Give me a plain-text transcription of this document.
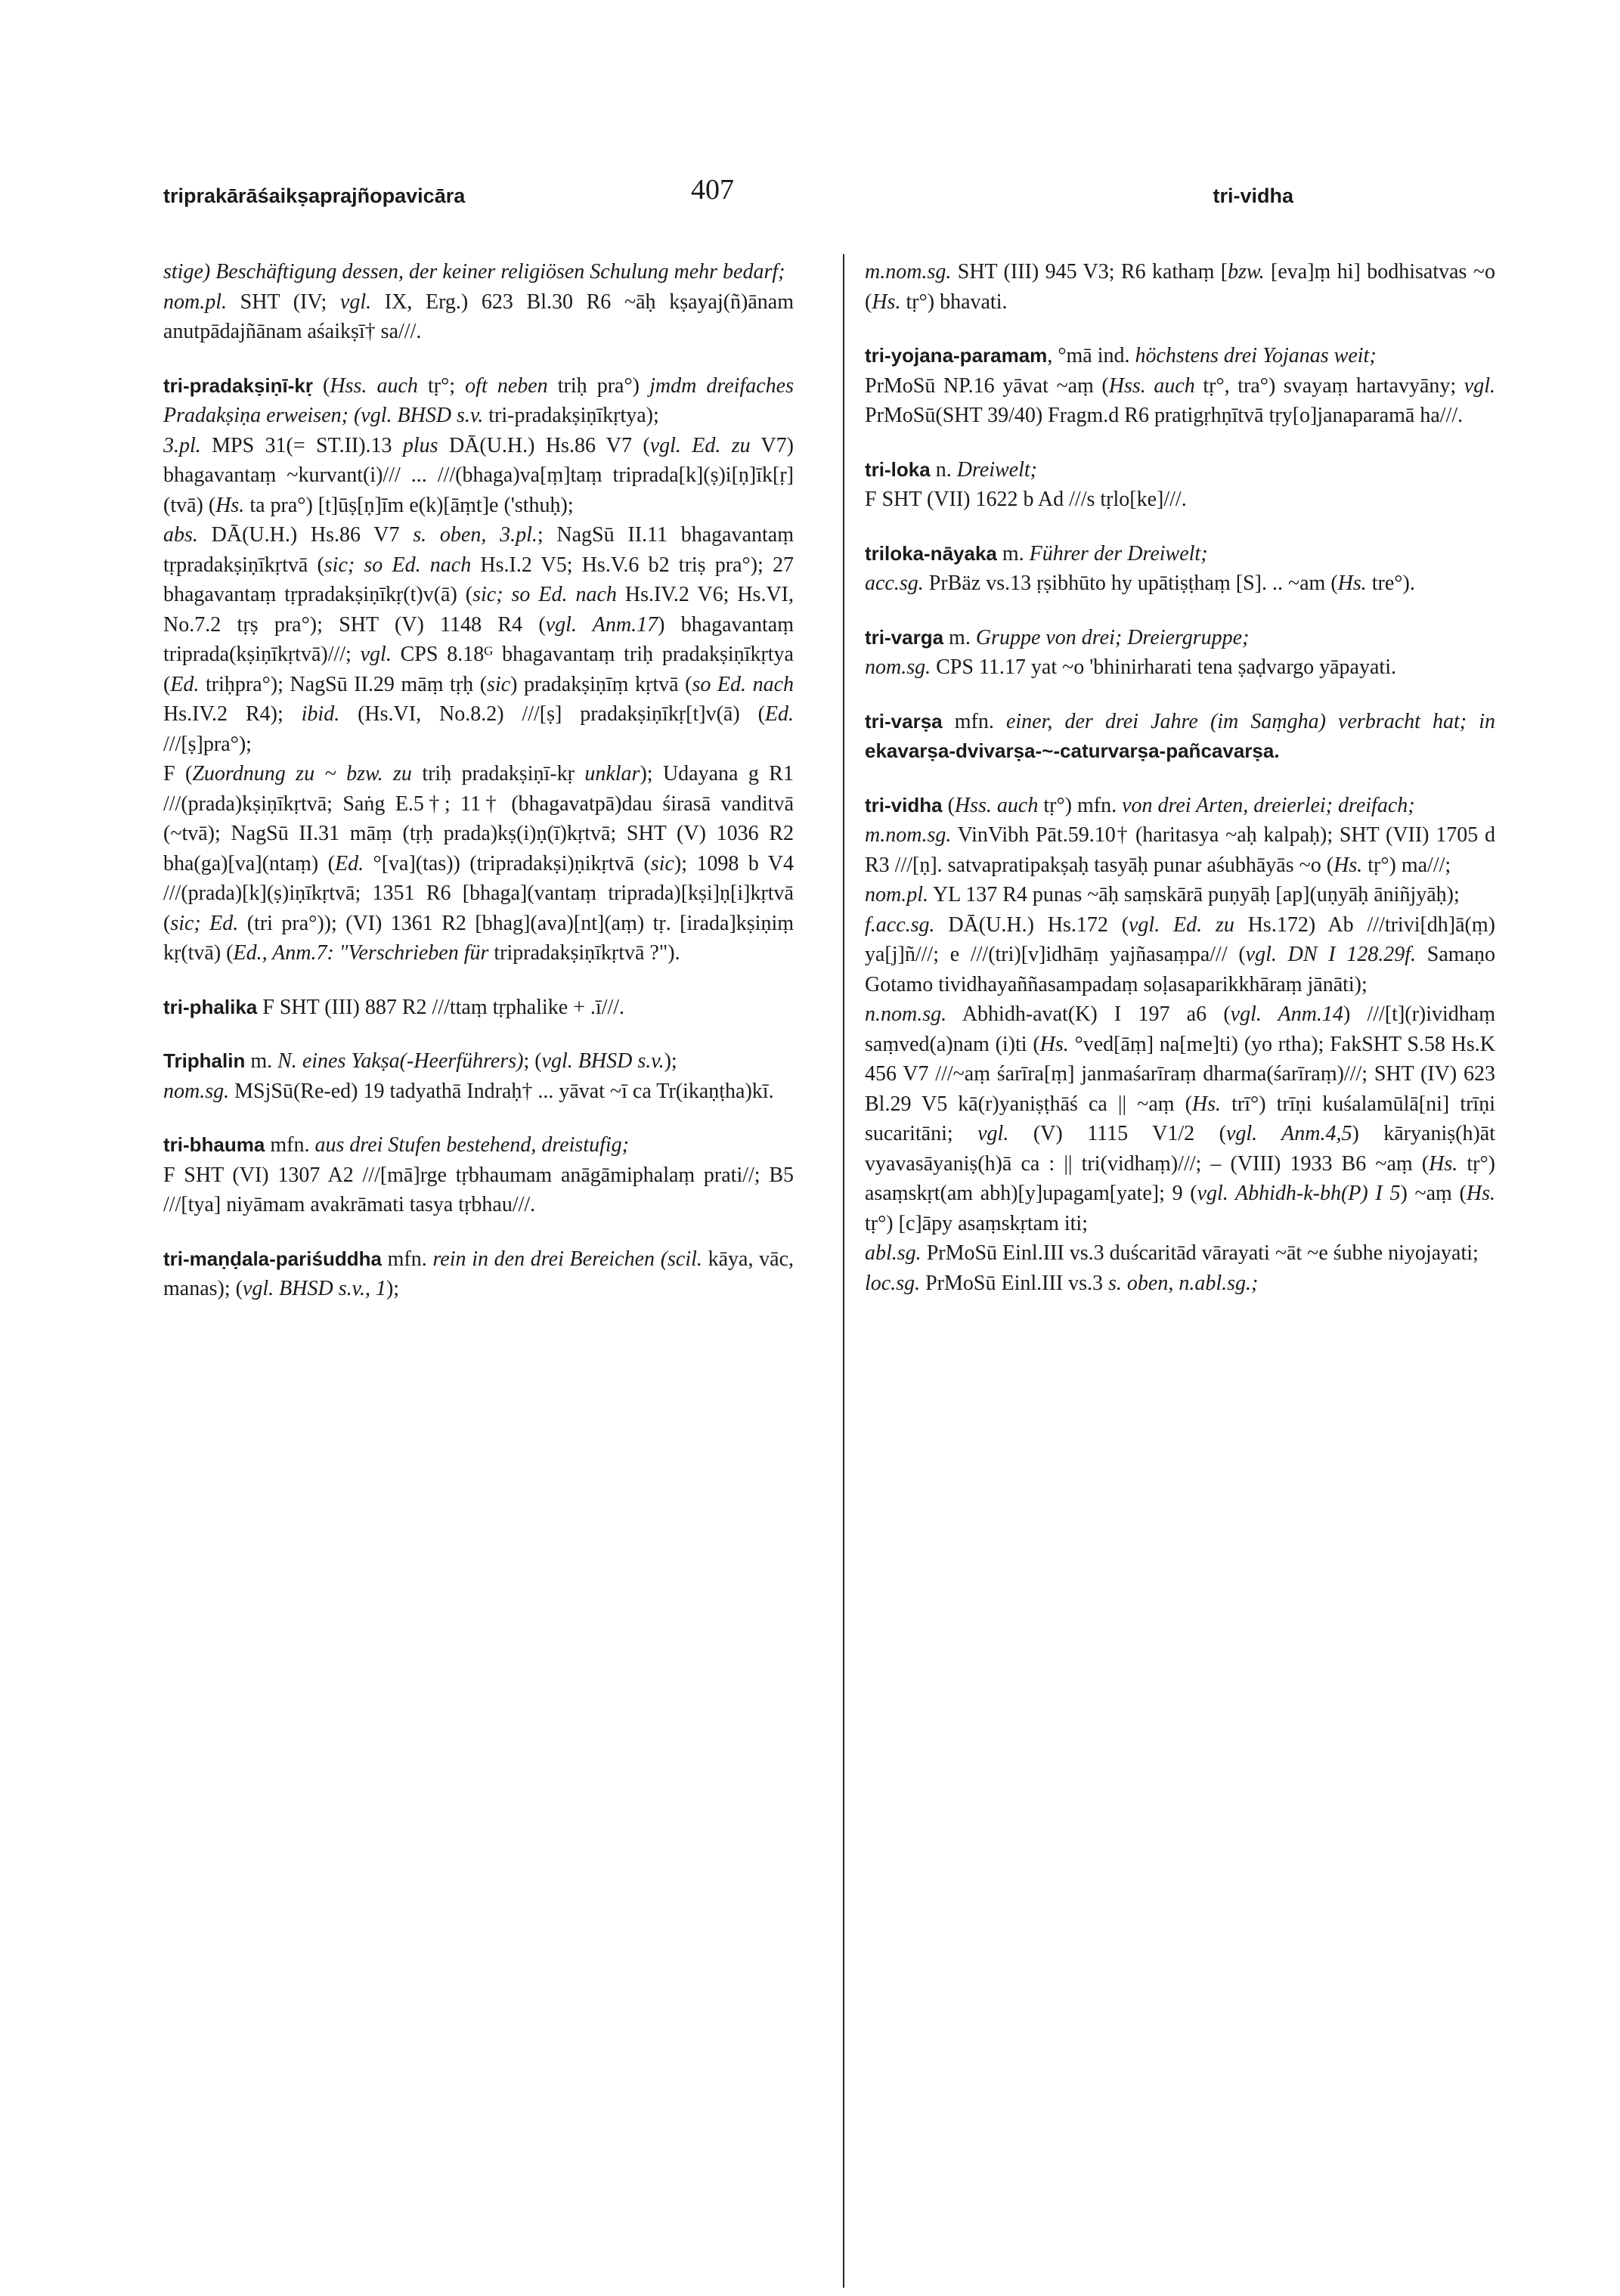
triprakārāśaikṣaprajñopavicāra	407	tri-vidha

stige) Beschäftigung dessen, der keiner religiösen Schulung mehr bedarf;

nom.pl. SHT (IV; vgl. IX, Erg.) 623 Bl.30 R6 ~āḥ kṣayaj(ñ)ānam anutpādajñānam aśaikṣī† sa///.

tri-pradakṣiṇī-kṛ (Hss. auch tṛ°; oft neben triḥ pra°) jmdm dreifaches Pradakṣiṇa erweisen; (vgl. BHSD s.v. tri-pradakṣiṇīkṛtya);

3.pl. MPS 31(= ST.II).13 plus DĀ(U.H.) Hs.86 V7 (vgl. Ed. zu V7) bhagavantaṃ ~kurvant(i)/// ... ///(bhaga)va[ṃ]taṃ tripradа[k](ṣ)i[ṇ]īk[ṛ](tvā) (Hs. ta pra°) [t]ūṣ[ṇ]īm e(k)[āṃt]e ('sthuḥ);

abs. DĀ(U.H.) Hs.86 V7 s. oben, 3.pl.; NagSū II.11 bhagavantaṃ tṛpradakṣiṇīkṛtvā (sic; so Ed. nach Hs.I.2 V5; Hs.V.6 b2 triṣ pra°); 27 bhagavantaṃ tṛpradakṣiṇīkṛ(t)v(ā) (sic; so Ed. nach Hs.IV.2 V6; Hs.VI, No.7.2 tṛṣ pra°); SHT (V) 1148 R4 (vgl. Anm.17) bhagavantaṃ tripradа(kṣiṇīkṛtvā)///; vgl. CPS 8.18ᴳ bhagavantaṃ triḥ pradakṣiṇīkṛtya (Ed. triḥpra°); NagSū II.29 māṃ tṛḥ (sic) pradakṣiṇīṃ kṛtvā (so Ed. nach Hs.IV.2 R4); ibid. (Hs.VI, No.8.2) ///[ṣ] pradakṣiṇīkṛ[t]v(ā) (Ed. ///[ṣ]pra°);

F (Zuordnung zu ~ bzw. zu triḥ pradakṣiṇī-kṛ unklar); Udayana g R1 ///(prada)kṣiṇīkṛtvā; Saṅg E.5†; 11† (bhagavatpā)dau śirasā vanditvā (~tvā); NagSū II.31 māṃ (tṛḥ prada)kṣ(i)ṇ(ī)kṛtvā; SHT (V) 1036 R2 bha(ga)[va](ntaṃ) (Ed. °[va](tas)) (tripradakṣi)ṇikṛtvā (sic); 1098 b V4 ///(prada)[k](ṣ)iṇīkṛtvā; 1351 R6 [bhaga](vantaṃ tripradа)[kṣi]ṇ[i]kṛtvā (sic; Ed. (tri pra°)); (VI) 1361 R2 [bhag](ava)[nt](aṃ) tṛ. [iradа]kṣiṇiṃ kṛ(tvā) (Ed., Anm.7: "Verschrieben für tripradakṣiṇīkṛtvā ?").

tri-phalika F SHT (III) 887 R2 ///ttaṃ tṛphalike + .ī///.

Triphalin m. N. eines Yakṣa(-Heerführers); (vgl. BHSD s.v.);

nom.sg. MSjSū(Re-ed) 19 tadyathā Indraḥ† ... yāvat ~ī ca Tr(ikaṇṭha)kī.

tri-bhauma mfn. aus drei Stufen bestehend, dreistufig;

F SHT (VI) 1307 A2 ///[mā]rge tṛbhaumam anāgāmiphalaṃ prati//; B5 ///[tya] niyāmam avakrāmati tasya tṛbhau///.

tri-maṇḍala-pariśuddha mfn. rein in den drei Bereichen (scil. kāya, vāc, manas); (vgl. BHSD s.v., 1);

m.nom.sg. SHT (III) 945 V3; R6 kathaṃ [bzw. [eva]ṃ hi] bodhisatvas ~o (Hs. tṛ°) bhavati.

tri-yojana-paramam, °mā ind. höchstens drei Yojanas weit;

PrMoSū NP.16 yāvat ~aṃ (Hss. auch tṛ°, tra°) svayaṃ hartavyāny; vgl. PrMoSū(SHT 39/40) Fragm.d R6 pratigṛhṇītvā tṛy[o]janaparamā ha///.

tri-loka n. Dreiwelt;

F SHT (VII) 1622 b Ad ///s tṛlo[ke]///.

triloka-nāyaka m. Führer der Dreiwelt;

acc.sg. PrBäz vs.13 ṛṣibhūto hy upātiṣṭhaṃ [S]. .. ~am (Hs. tre°).

tri-varga m. Gruppe von drei; Dreiergruppe;

nom.sg. CPS 11.17 yat ~o 'bhinirharati tena ṣaḍvargo yāpayati.

tri-varṣa mfn. einer, der drei Jahre (im Saṃgha) verbracht hat; in ekavarṣa-dvivarṣa-~-caturvarṣa-pañcavarṣa.

tri-vidha (Hss. auch tṛ°) mfn. von drei Arten, dreierlei; dreifach;

m.nom.sg. VinVibh Pāt.59.10† (haritasya ~aḥ kalpaḥ); SHT (VII) 1705 d R3 ///[ṇ]. satvapratipakṣaḥ tasyāḥ punar aśubhāyās ~o (Hs. tṛ°) ma///;

nom.pl. YL 137 R4 punas ~āḥ saṃskārā puṇyāḥ [ap](uṇyāḥ āniñjyāḥ);

f.acc.sg. DĀ(U.H.) Hs.172 (vgl. Ed. zu Hs.172) Ab ///trivi[dh]ā(ṃ) ya[j]ñ///; e ///(tri)[v]idhāṃ yajñasaṃpa/// (vgl. DN I 128.29f. Samaṇo Gotamo tividhayaññasampadaṃ soḷasaparikkhāraṃ jānāti);

n.nom.sg. Abhidh-avat(K) I 197 a6 (vgl. Anm.14) ///[t](r)ividhaṃ saṃved(a)nam (i)ti (Hs. °ved[āṃ] na[me]ti) (yo rtha); FakSHT S.58 Hs.K 456 V7 ///~aṃ śarīra[ṃ] janmaśarīraṃ dharma(śarīraṃ)///; SHT (IV) 623 Bl.29 V5 kā(r)yaniṣṭhāś ca || ~aṃ (Hs. trī°) trīṇi kuśalamūlā[ni] trīṇi sucaritāni; vgl. (V) 1115 V1/2 (vgl. Anm.4,5) kāryaniṣ(h)āt vyavasāyaniṣ(h)ā ca : || tri(vidhaṃ)///; – (VIII) 1933 B6 ~aṃ (Hs. tṛ°) asaṃskṛt(am abh)[y]upagam[yate]; 9 (vgl. Abhidh-k-bh(P) I 5) ~aṃ (Hs. tṛ°) [c]āpy asaṃskṛtam iti;

abl.sg. PrMoSū Einl.III vs.3 duścaritād vārayati ~āt ~e śubhe niyojayati;

loc.sg. PrMoSū Einl.III vs.3 s. oben, n.abl.sg.;
